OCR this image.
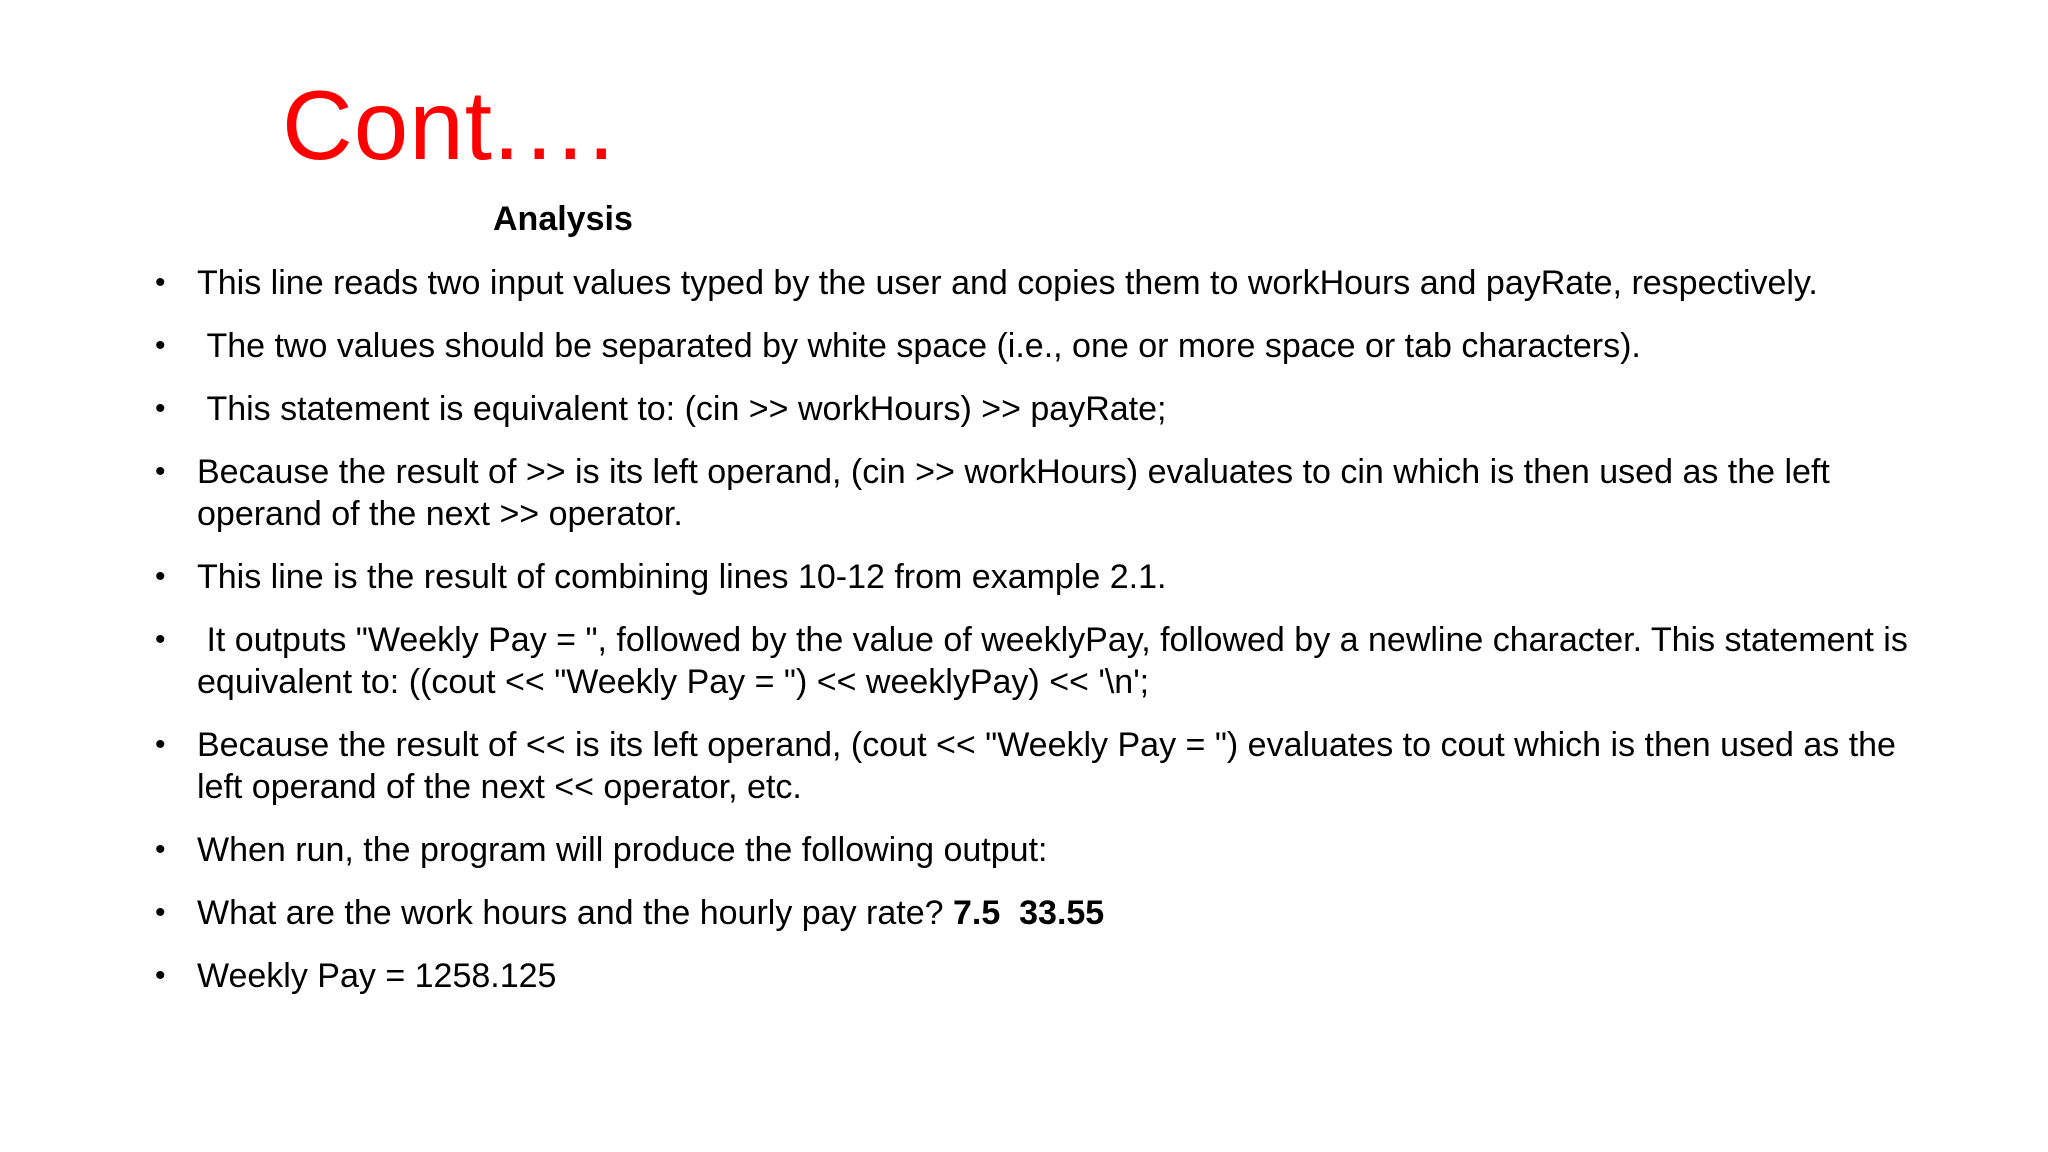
Cont.…
Analysis
• This line reads two input values typed by the user and copies them to workHours and payRate, respectively.
• The two values should be separated by white space (i.e., one or more space or tab characters).
• This statement is equivalent to: (cin >> workHours) >> payRate;
• Because the result of >> is its left operand, (cin >> workHours) evaluates to cin which is then used as the left operand of the next >> operator.
• This line is the result of combining lines 10-12 from example 2.1.
• It outputs "Weekly Pay = ", followed by the value of weeklyPay, followed by a newline character. This statement is equivalent to: ((cout << "Weekly Pay = ") << weeklyPay) << '\n';
• Because the result of << is its left operand, (cout << "Weekly Pay = ") evaluates to cout which is then used as the left operand of the next << operator, etc.
• When run, the program will produce the following output:
• What are the work hours and the hourly pay rate? 7.5  33.55
• Weekly Pay = 1258.125
